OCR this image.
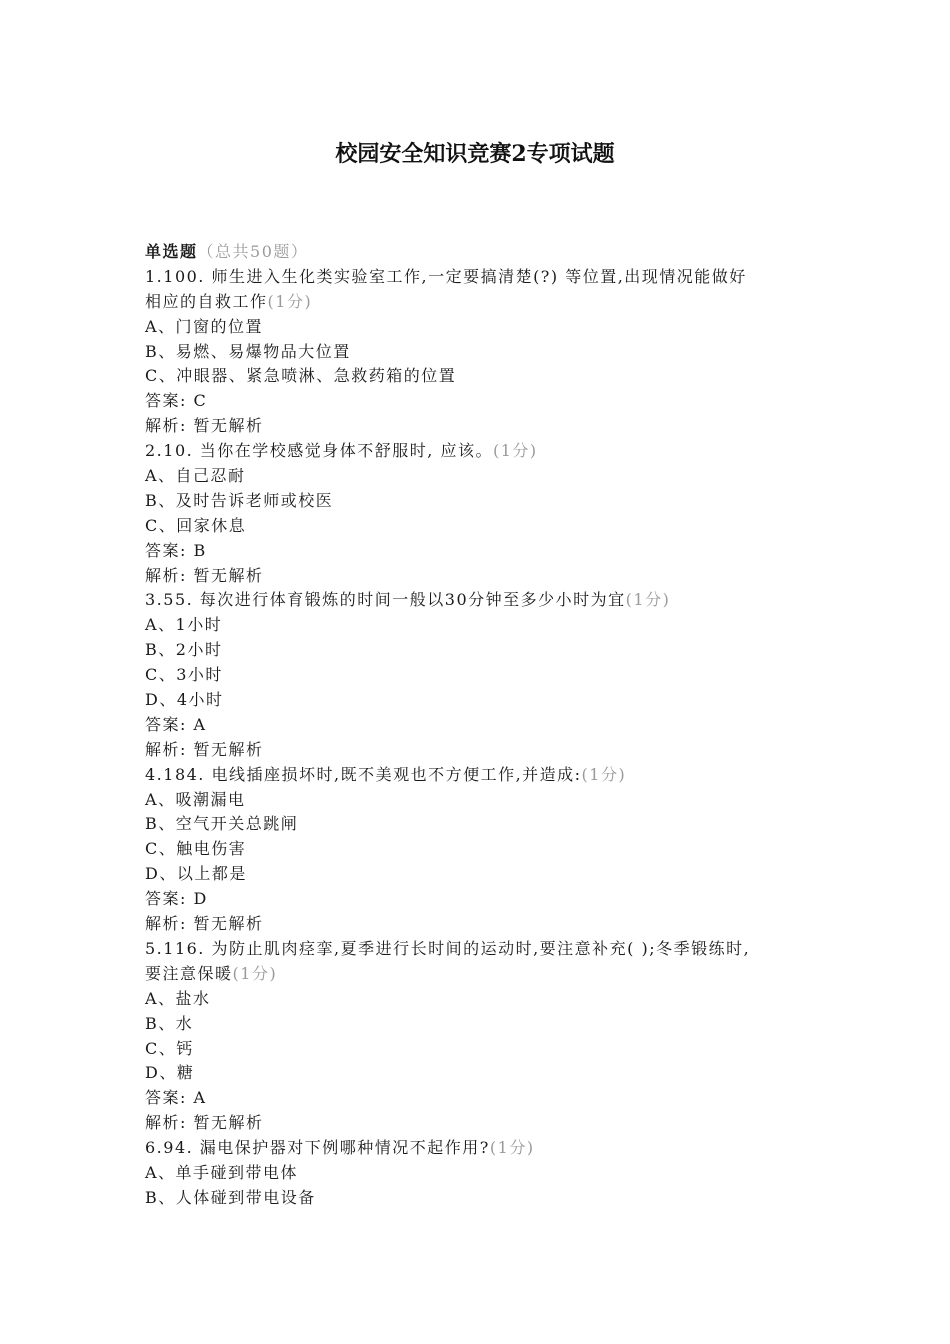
校园安全知识竞赛2专项试题

单选题（总共50题）

1.100. 师生进入生化类实验室工作,一定要搞清楚(?) 等位置,出现情况能做好

相应的自救工作(1分)

A、门窗的位置

B、易燃、易爆物品大位置

C、冲眼器、紧急喷淋、急救药箱的位置

答案: C

解析: 暂无解析

2.10. 当你在学校感觉身体不舒服时, 应该。(1分)

A、自己忍耐

B、及时告诉老师或校医

C、回家休息

答案: B

解析: 暂无解析

3.55. 每次进行体育锻炼的时间一般以30分钟至多少小时为宜(1分)

A、1小时

B、2小时

C、3小时

D、4小时

答案: A

解析: 暂无解析

4.184. 电线插座损坏时,既不美观也不方便工作,并造成:(1分)

A、吸潮漏电

B、空气开关总跳闸

C、触电伤害

D、以上都是

答案: D

解析: 暂无解析

5.116. 为防止肌肉痉挛,夏季进行长时间的运动时,要注意补充( );冬季锻练时,

要注意保暖(1分)

A、盐水

B、水

C、钙

D、糖

答案: A

解析: 暂无解析

6.94. 漏电保护器对下例哪种情况不起作用?(1分)

A、单手碰到带电体

B、人体碰到带电设备
